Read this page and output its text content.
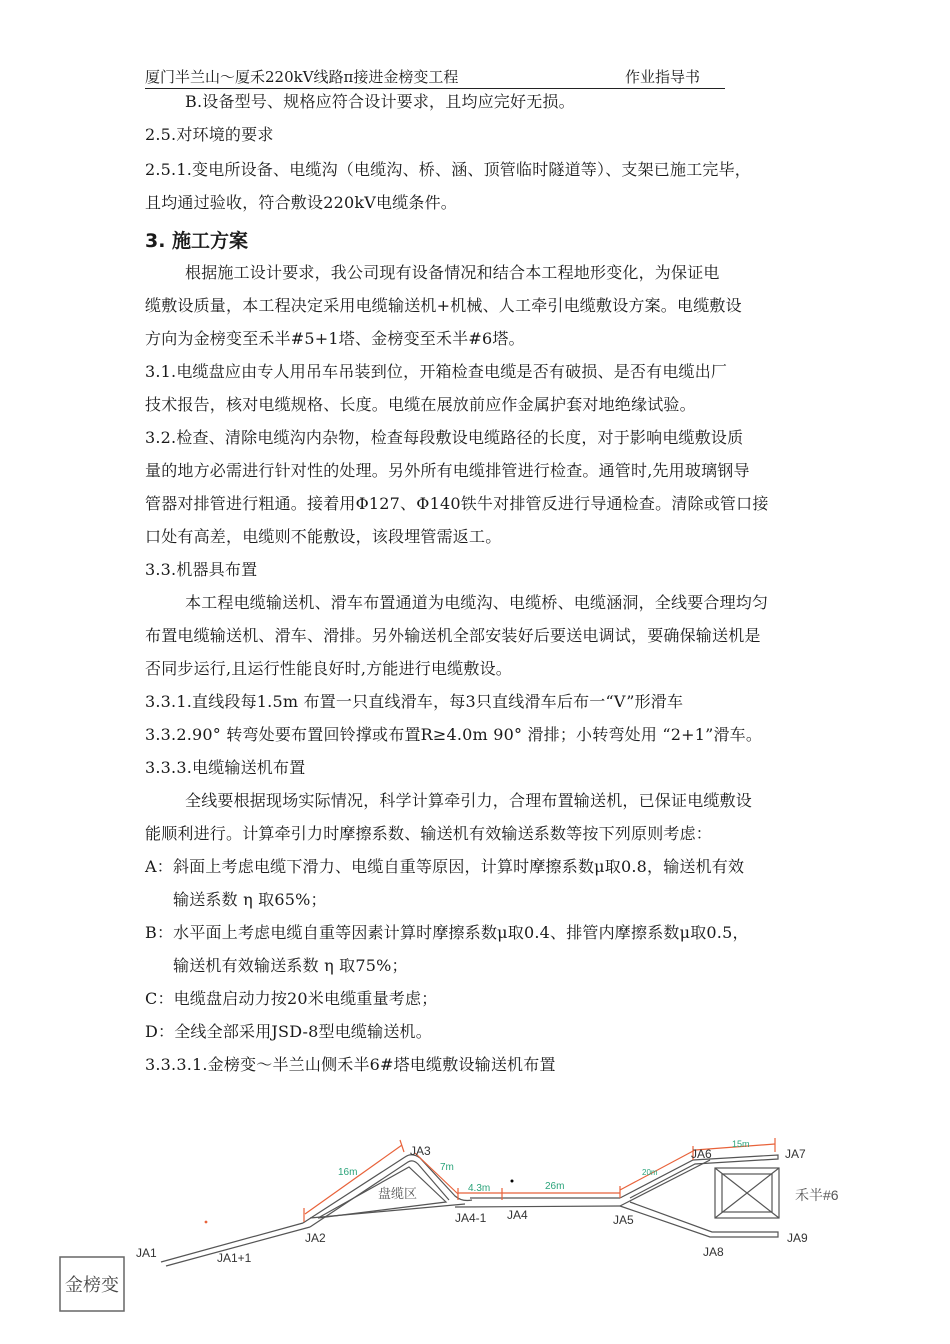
厦门半兰山～厦禾220kV线路π接进金榜变工程	作业指导书
B.设备型号、规格应符合设计要求，且均应完好无损。
2.5.对环境的要求
2.5.1.变电所设备、电缆沟（电缆沟、桥、涵、顶管临时隧道等）、支架已施工完毕，
且均通过验收，符合敷设220kV电缆条件。
3. 施工方案
根据施工设计要求，我公司现有设备情况和结合本工程地形变化，为保证电
缆敷设质量，本工程决定采用电缆输送机+机械、人工牵引电缆敷设方案。电缆敷设
方向为金榜变至禾半#5+1塔、金榜变至禾半#6塔。
3.1.电缆盘应由专人用吊车吊装到位，开箱检查电缆是否有破损、是否有电缆出厂
技术报告，核对电缆规格、长度。电缆在展放前应作金属护套对地绝缘试验。
3.2.检查、清除电缆沟内杂物，检查每段敷设电缆路径的长度，对于影响电缆敷设质
量的地方必需进行针对性的处理。另外所有电缆排管进行检查。通管时,先用玻璃钢导
管器对排管进行粗通。接着用Φ127、Φ140铁牛对排管反进行导通检查。清除或管口接
口处有高差，电缆则不能敷设，该段埋管需返工。
3.3.机器具布置
本工程电缆输送机、滑车布置通道为电缆沟、电缆桥、电缆涵洞，全线要合理均匀
布置电缆输送机、滑车、滑排。另外输送机全部安装好后要送电调试，要确保输送机是
否同步运行,且运行性能良好时,方能进行电缆敷设。
3.3.1.直线段每1.5m 布置一只直线滑车，每3只直线滑车后布一“V”形滑车
3.3.2.90° 转弯处要布置回铃撑或布置R≥4.0m 90° 滑排；小转弯处用 “2+1”滑车。
3.3.3.电缆输送机布置
全线要根据现场实际情况，科学计算牵引力，合理布置输送机，已保证电缆敷设
能顺利进行。计算牵引力时摩擦系数、输送机有效输送系数等按下列原则考虑：
A：斜面上考虑电缆下滑力、电缆自重等原因，计算时摩擦系数μ取0.8，输送机有效
输送系数 η 取65%；
B：水平面上考虑电缆自重等因素计算时摩擦系数μ取0.4、排管内摩擦系数μ取0.5，
输送机有效输送系数 η 取75%；
C：电缆盘启动力按20米电缆重量考虑；
D：全线全部采用JSD-8型电缆输送机。
3.3.3.1.金榜变～半兰山侧禾半6#塔电缆敷设输送机布置
金榜变
禾半#6
16m	7m
4.3m	26m
20m
15m
盘缆区
JA1	JA1+1
JA2
JA3
JA4-1 JA4	JA5
JA6	JA7
JA8
JA9
